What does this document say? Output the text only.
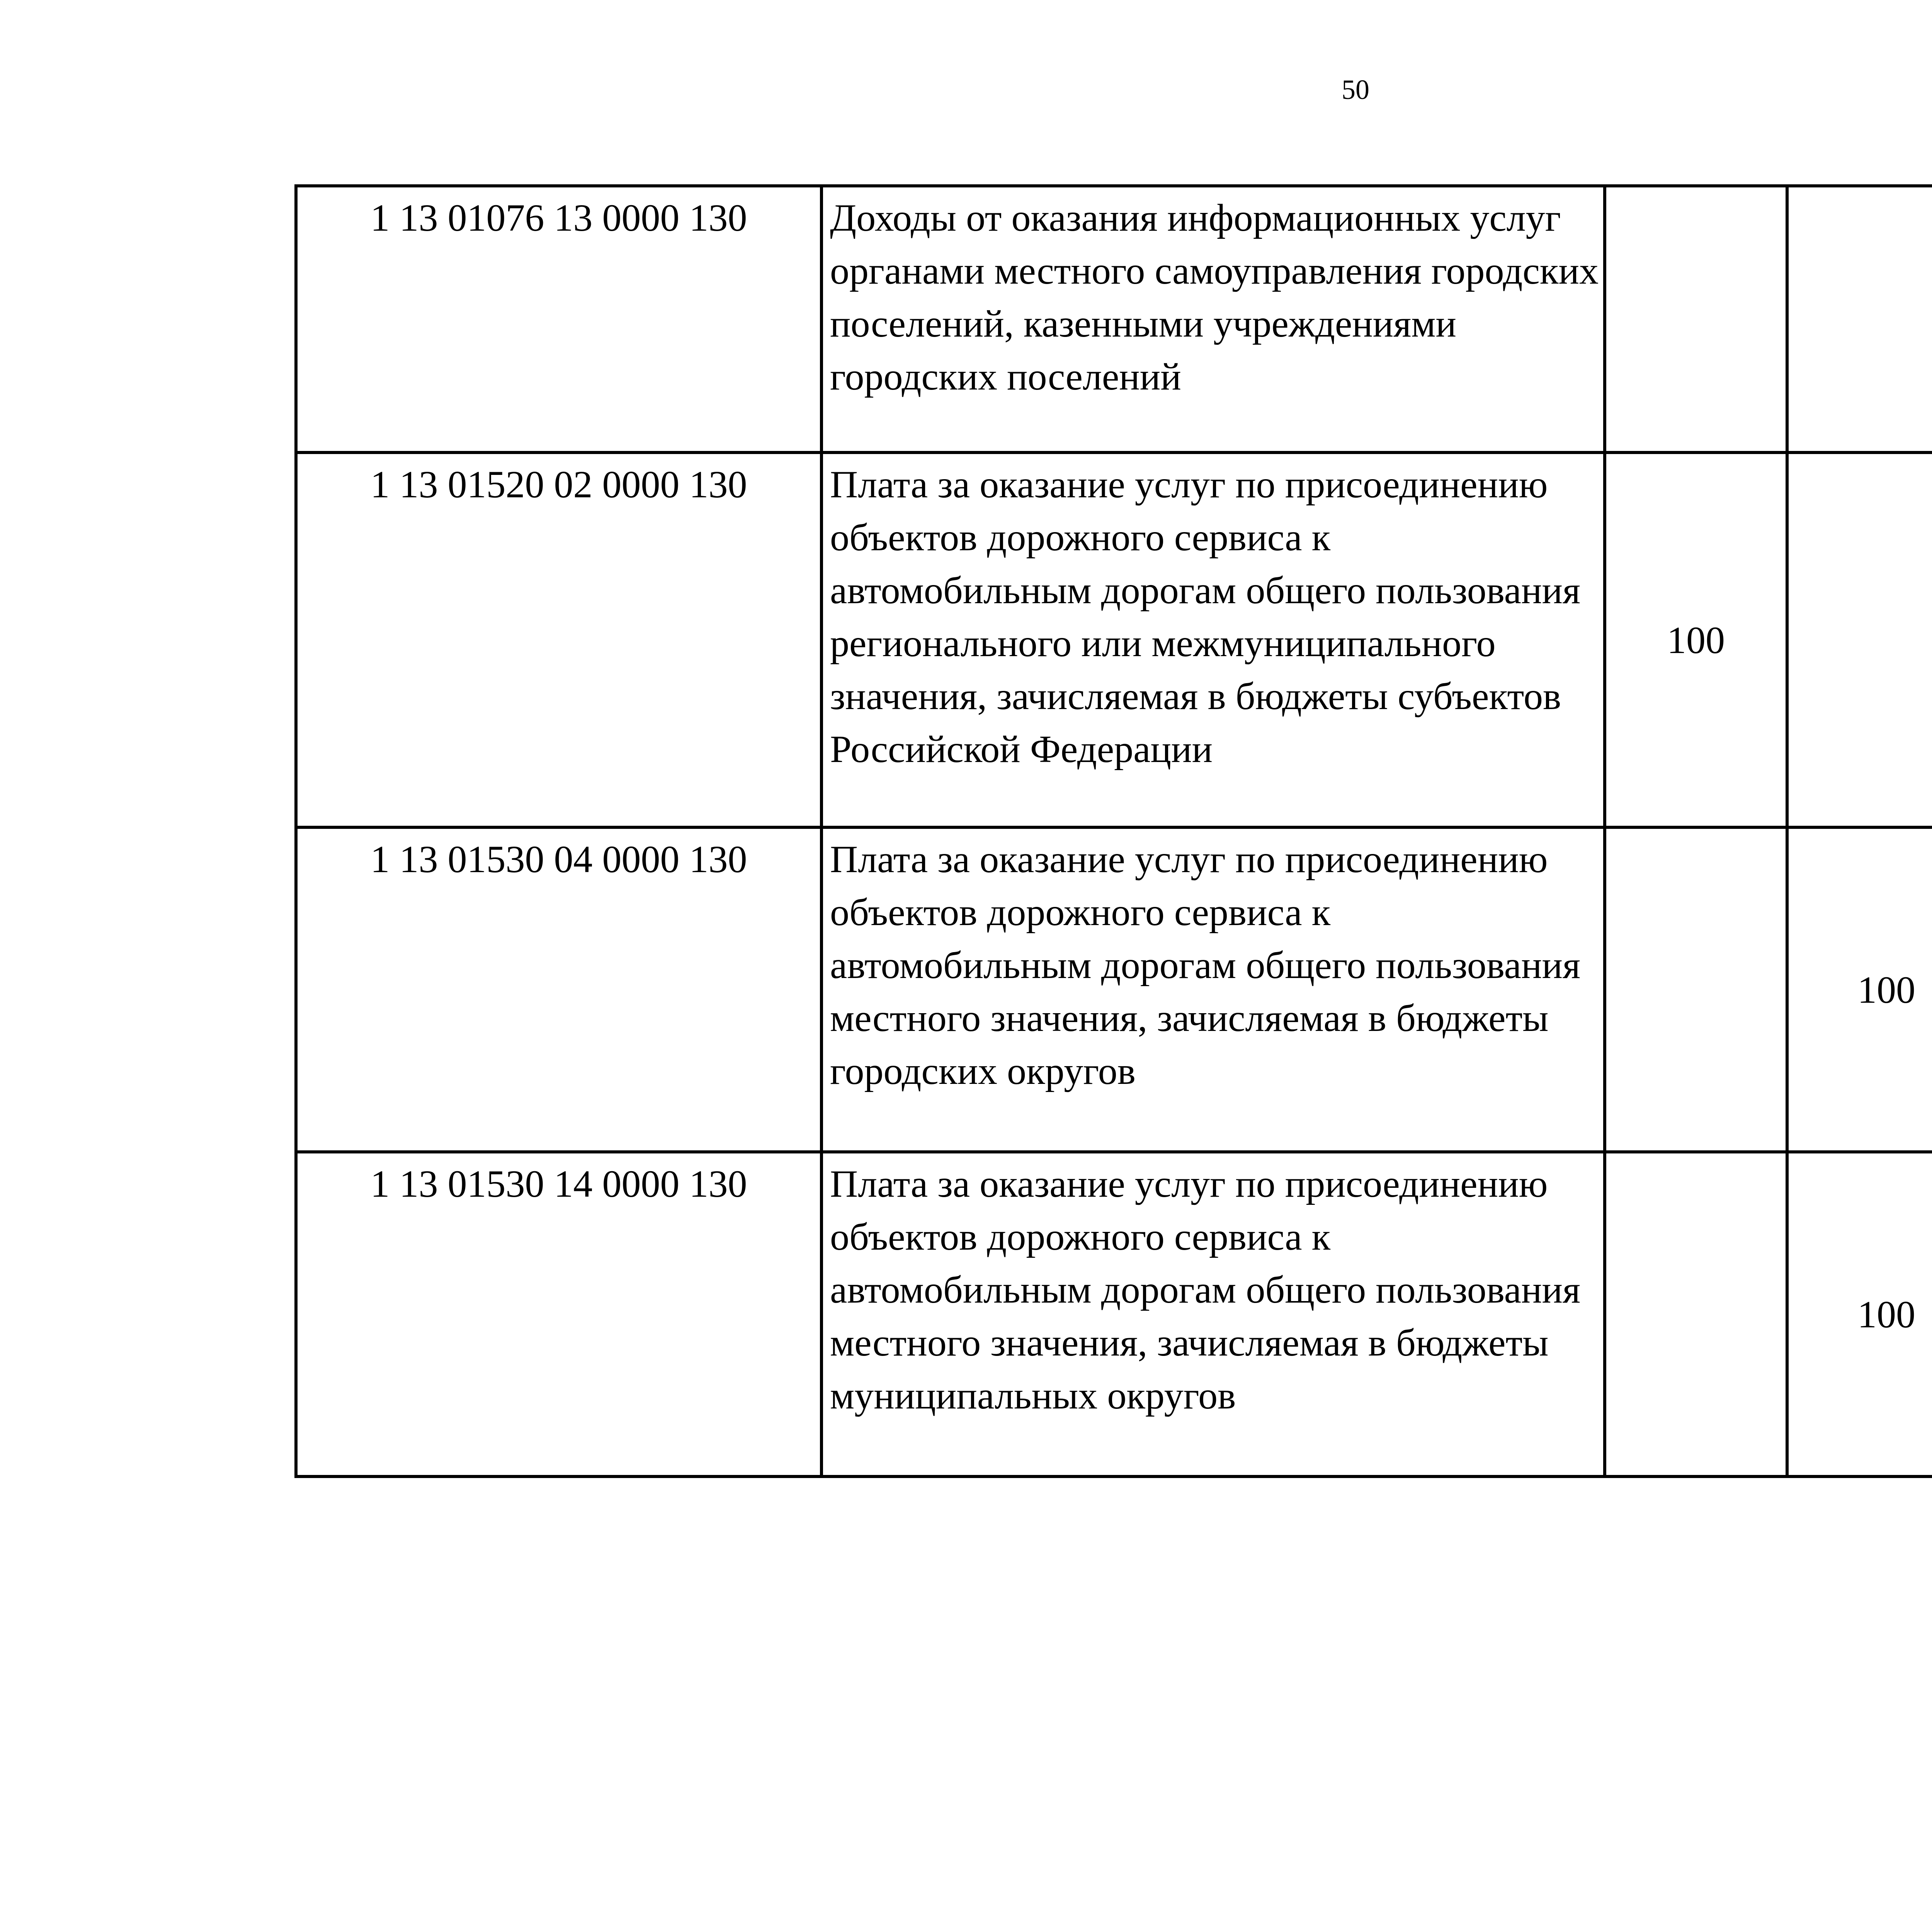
50
1 13 01076 13 0000 130	Доходы от оказания информационных услуг органами местного самоуправления городских поселений, казенными учреждениями городских поселений					
1 13 01520 02 0000 130	Плата за оказание услуг по присоединению объектов дорожного сервиса к автомобильным дорогам общего пользования регионального или межмуниципального значения, зачисляемая в бюджеты субъектов Российской Федерации	100				
1 13 01530 04 0000 130	Плата за оказание услуг по присоединению объектов дорожного сервиса к автомобильным дорогам общего пользования местного значения, зачисляемая в бюджеты городских округов		100			
1 13 01530 14 0000 130	Плата за оказание услуг по присоединению объектов дорожного сервиса к автомобильным дорогам общего пользования местного значения, зачисляемая в бюджеты муниципальных округов		100			
